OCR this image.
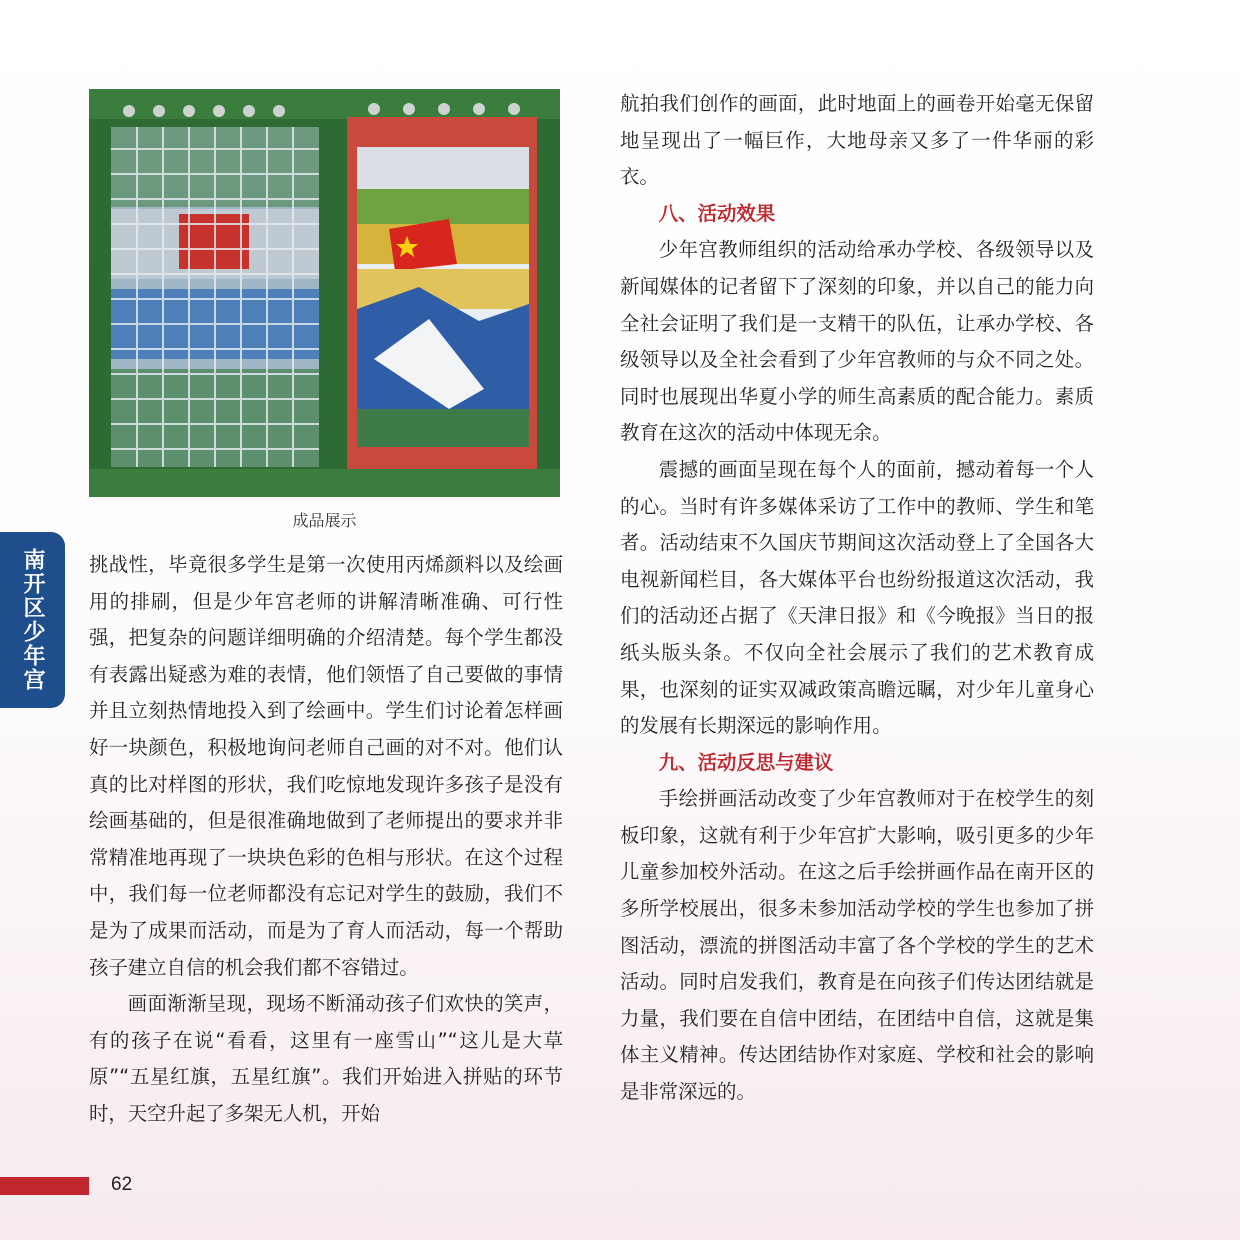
成品展示
南开区少年宫 挑战性，毕竟很多学生是第一次使用丙烯颜料以及绘画用的排刷，但是少年宫老师的讲解清晰准确、可行性强，把复杂的问题详细明确的介绍清楚。每个学生都没有表露出疑惑为难的表情，他们领悟了自己要做的事情并且立刻热情地投入到了绘画中。学生们讨论着怎样画好一块颜色，积极地询问老师自己画的对不对。他们认真的比对样图的形状，我们吃惊地发现许多孩子是没有绘画基础的，但是很准确地做到了老师提出的要求并非常精准地再现了一块块色彩的色相与形状。在这个过程中，我们每一位老师都没有忘记对学生的鼓励，我们不是为了成果而活动，而是为了育人而活动，每一个帮助孩子建立自信的机会我们都不容错过。

画面渐渐呈现，现场不断涌动孩子们欢快的笑声，有的孩子在说“看看，这里有一座雪山”“这儿是大草原”“五星红旗，五星红旗”。我们开始进入拼贴的环节时，天空升起了多架无人机，开始

航拍我们创作的画面，此时地面上的画卷开始毫无保留地呈现出了一幅巨作，大地母亲又多了一件华丽的彩衣。

八、活动效果

少年宫教师组织的活动给承办学校、各级领导以及新闻媒体的记者留下了深刻的印象，并以自己的能力向全社会证明了我们是一支精干的队伍，让承办学校、各级领导以及全社会看到了少年宫教师的与众不同之处。同时也展现出华夏小学的师生高素质的配合能力。素质教育在这次的活动中体现无余。

震撼的画面呈现在每个人的面前，撼动着每一个人的心。当时有许多媒体采访了工作中的教师、学生和笔者。活动结束不久国庆节期间这次活动登上了全国各大电视新闻栏目，各大媒体平台也纷纷报道这次活动，我们的活动还占据了《天津日报》和《今晚报》当日的报纸头版头条。不仅向全社会展示了我们的艺术教育成果，也深刻的证实双减政策高瞻远瞩，对少年儿童身心的发展有长期深远的影响作用。

九、活动反思与建议

手绘拼画活动改变了少年宫教师对于在校学生的刻板印象，这就有利于少年宫扩大影响，吸引更多的少年儿童参加校外活动。在这之后手绘拼画作品在南开区的多所学校展出，很多未参加活动学校的学生也参加了拼图活动，漂流的拼图活动丰富了各个学校的学生的艺术活动。同时启发我们，教育是在向孩子们传达团结就是力量，我们要在自信中团结，在团结中自信，这就是集体主义精神。传达团结协作对家庭、学校和社会的影响是非常深远的。

62
